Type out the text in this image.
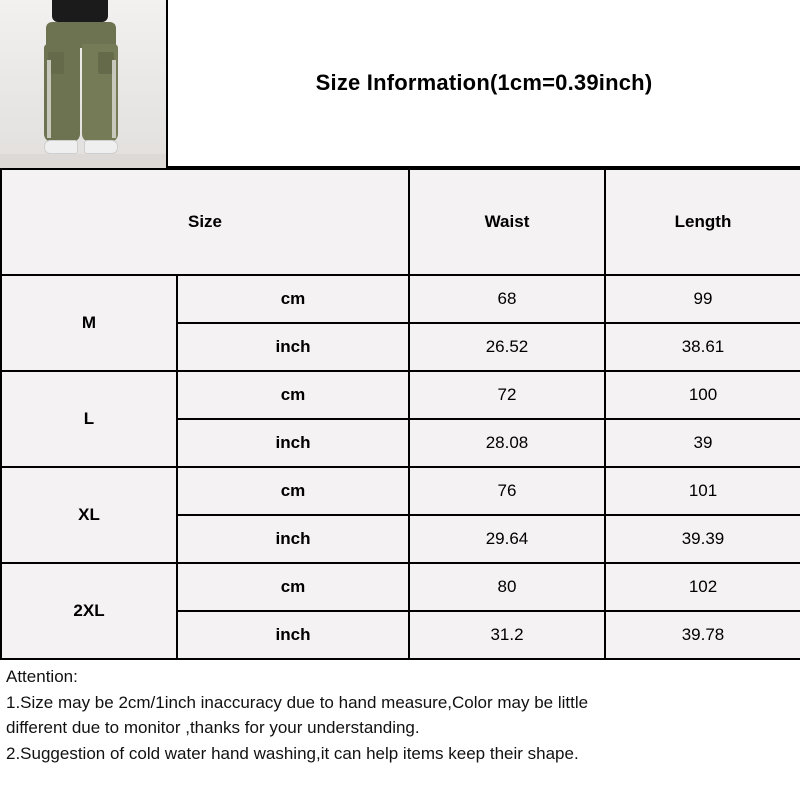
Size Information(1cm=0.39inch)
Size		Waist	Length
M	cm	68	99
	inch	26.52	38.61
L	cm	72	100
	inch	28.08	39
XL	cm	76	101
	inch	29.64	39.39
2XL	cm	80	102
	inch	31.2	39.78
Attention:
1.Size may be 2cm/1inch inaccuracy due to hand measure,Color may be little
different due to monitor ,thanks for your understanding.
2.Suggestion of cold water hand washing,it can help items keep their shape.
